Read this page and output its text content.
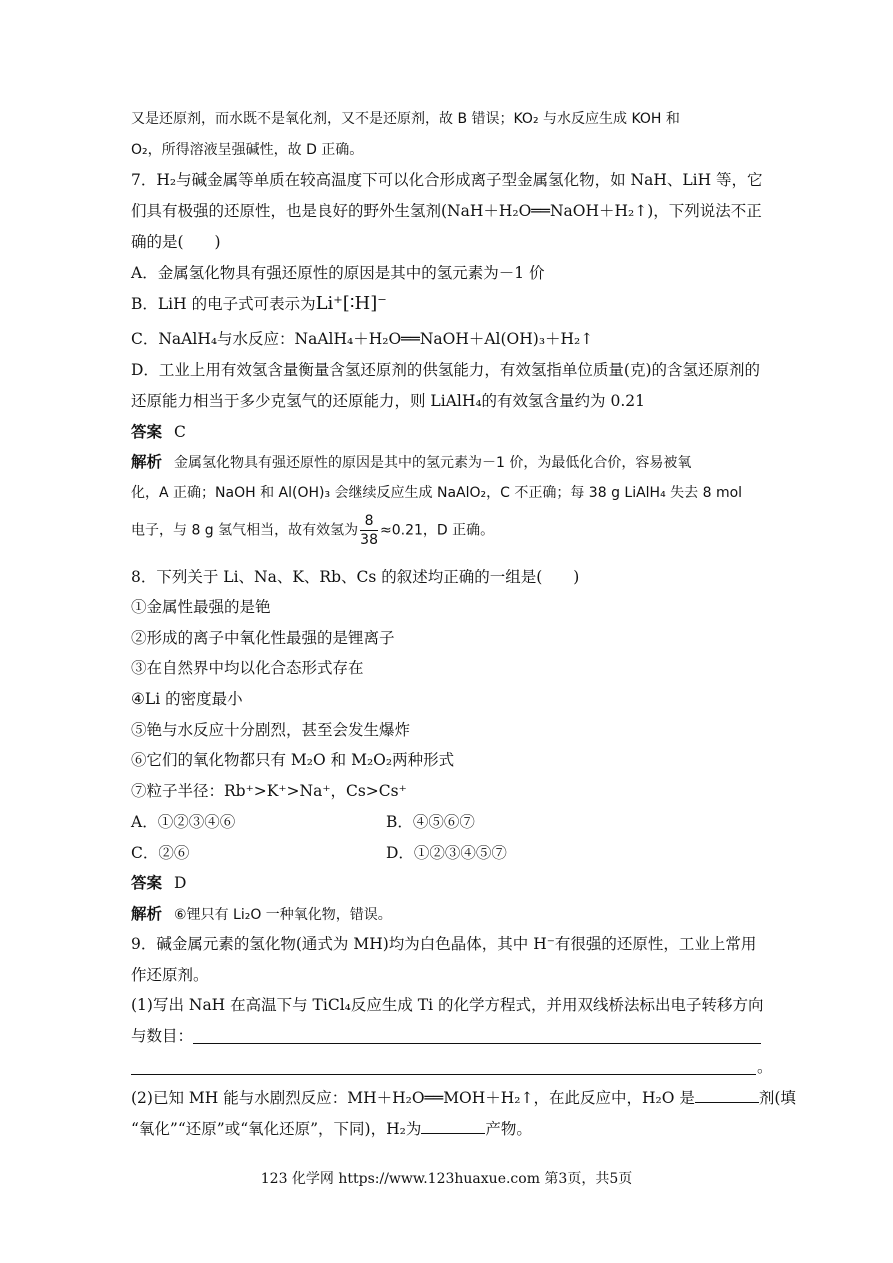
又是还原剂，而水既不是氧化剂，又不是还原剂，故 B 错误；KO₂ 与水反应生成 KOH 和
O₂，所得溶液呈强碱性，故 D 正确。
7．H₂与碱金属等单质在较高温度下可以化合形成离子型金属氢化物，如 NaH、LiH 等，它
们具有极强的还原性，也是良好的野外生氢剂(NaH＋H₂O══NaOH＋H₂↑)，下列说法不正
确的是(　　)
A．金属氢化物具有强还原性的原因是其中的氢元素为－1 价
B．LiH 的电子式可表示为Li⁺[∶H]⁻
C．NaAlH₄与水反应：NaAlH₄＋H₂O══NaOH＋Al(OH)₃＋H₂↑
D．工业上用有效氢含量衡量含氢还原剂的供氢能力，有效氢指单位质量(克)的含氢还原剂的
还原能力相当于多少克氢气的还原能力，则 LiAlH₄的有效氢含量约为 0.21
答案 C
解析 金属氢化物具有强还原性的原因是其中的氢元素为－1 价，为最低化合价，容易被氧
化，A 正确；NaOH 和 Al(OH)₃ 会继续反应生成 NaAlO₂，C 不正确；每 38 g LiAlH₄ 失去 8 mol
电子，与 8 g 氢气相当，故有效氢为 $\frac{8}{38} \approx 0.21$，D 正确。
8．下列关于 Li、Na、K、Rb、Cs 的叙述均正确的一组是(　　)
①金属性最强的是铯
②形成的离子中氧化性最强的是锂离子
③在自然界中均以化合态形式存在
④Li 的密度最小
⑤铯与水反应十分剧烈，甚至会发生爆炸
⑥它们的氧化物都只有 M₂O 和 M₂O₂两种形式
⑦粒子半径：Rb⁺>K⁺>Na⁺，Cs>Cs⁺
A．①②③④⑥	B．④⑤⑥⑦
C．②⑥	D．①②③④⑤⑦
答案 D
解析 ⑥锂只有 Li₂O 一种氧化物，错误。
9．碱金属元素的氢化物(通式为 MH)均为白色晶体，其中 H⁻有很强的还原性，工业上常用
作还原剂。
(1)写出 NaH 在高温下与 TiCl₄反应生成 Ti 的化学方程式，并用双线桥法标出电子转移方向
与数目：
。
(2)已知 MH 能与水剧烈反应：MH＋H₂O══MOH＋H₂↑，在此反应中，H₂O 是	剂(填
“氧化”“还原”或“氧化还原”，下同)，H₂为	产物。
123 化学网 https://www.123huaxue.com 第3页，共5页
